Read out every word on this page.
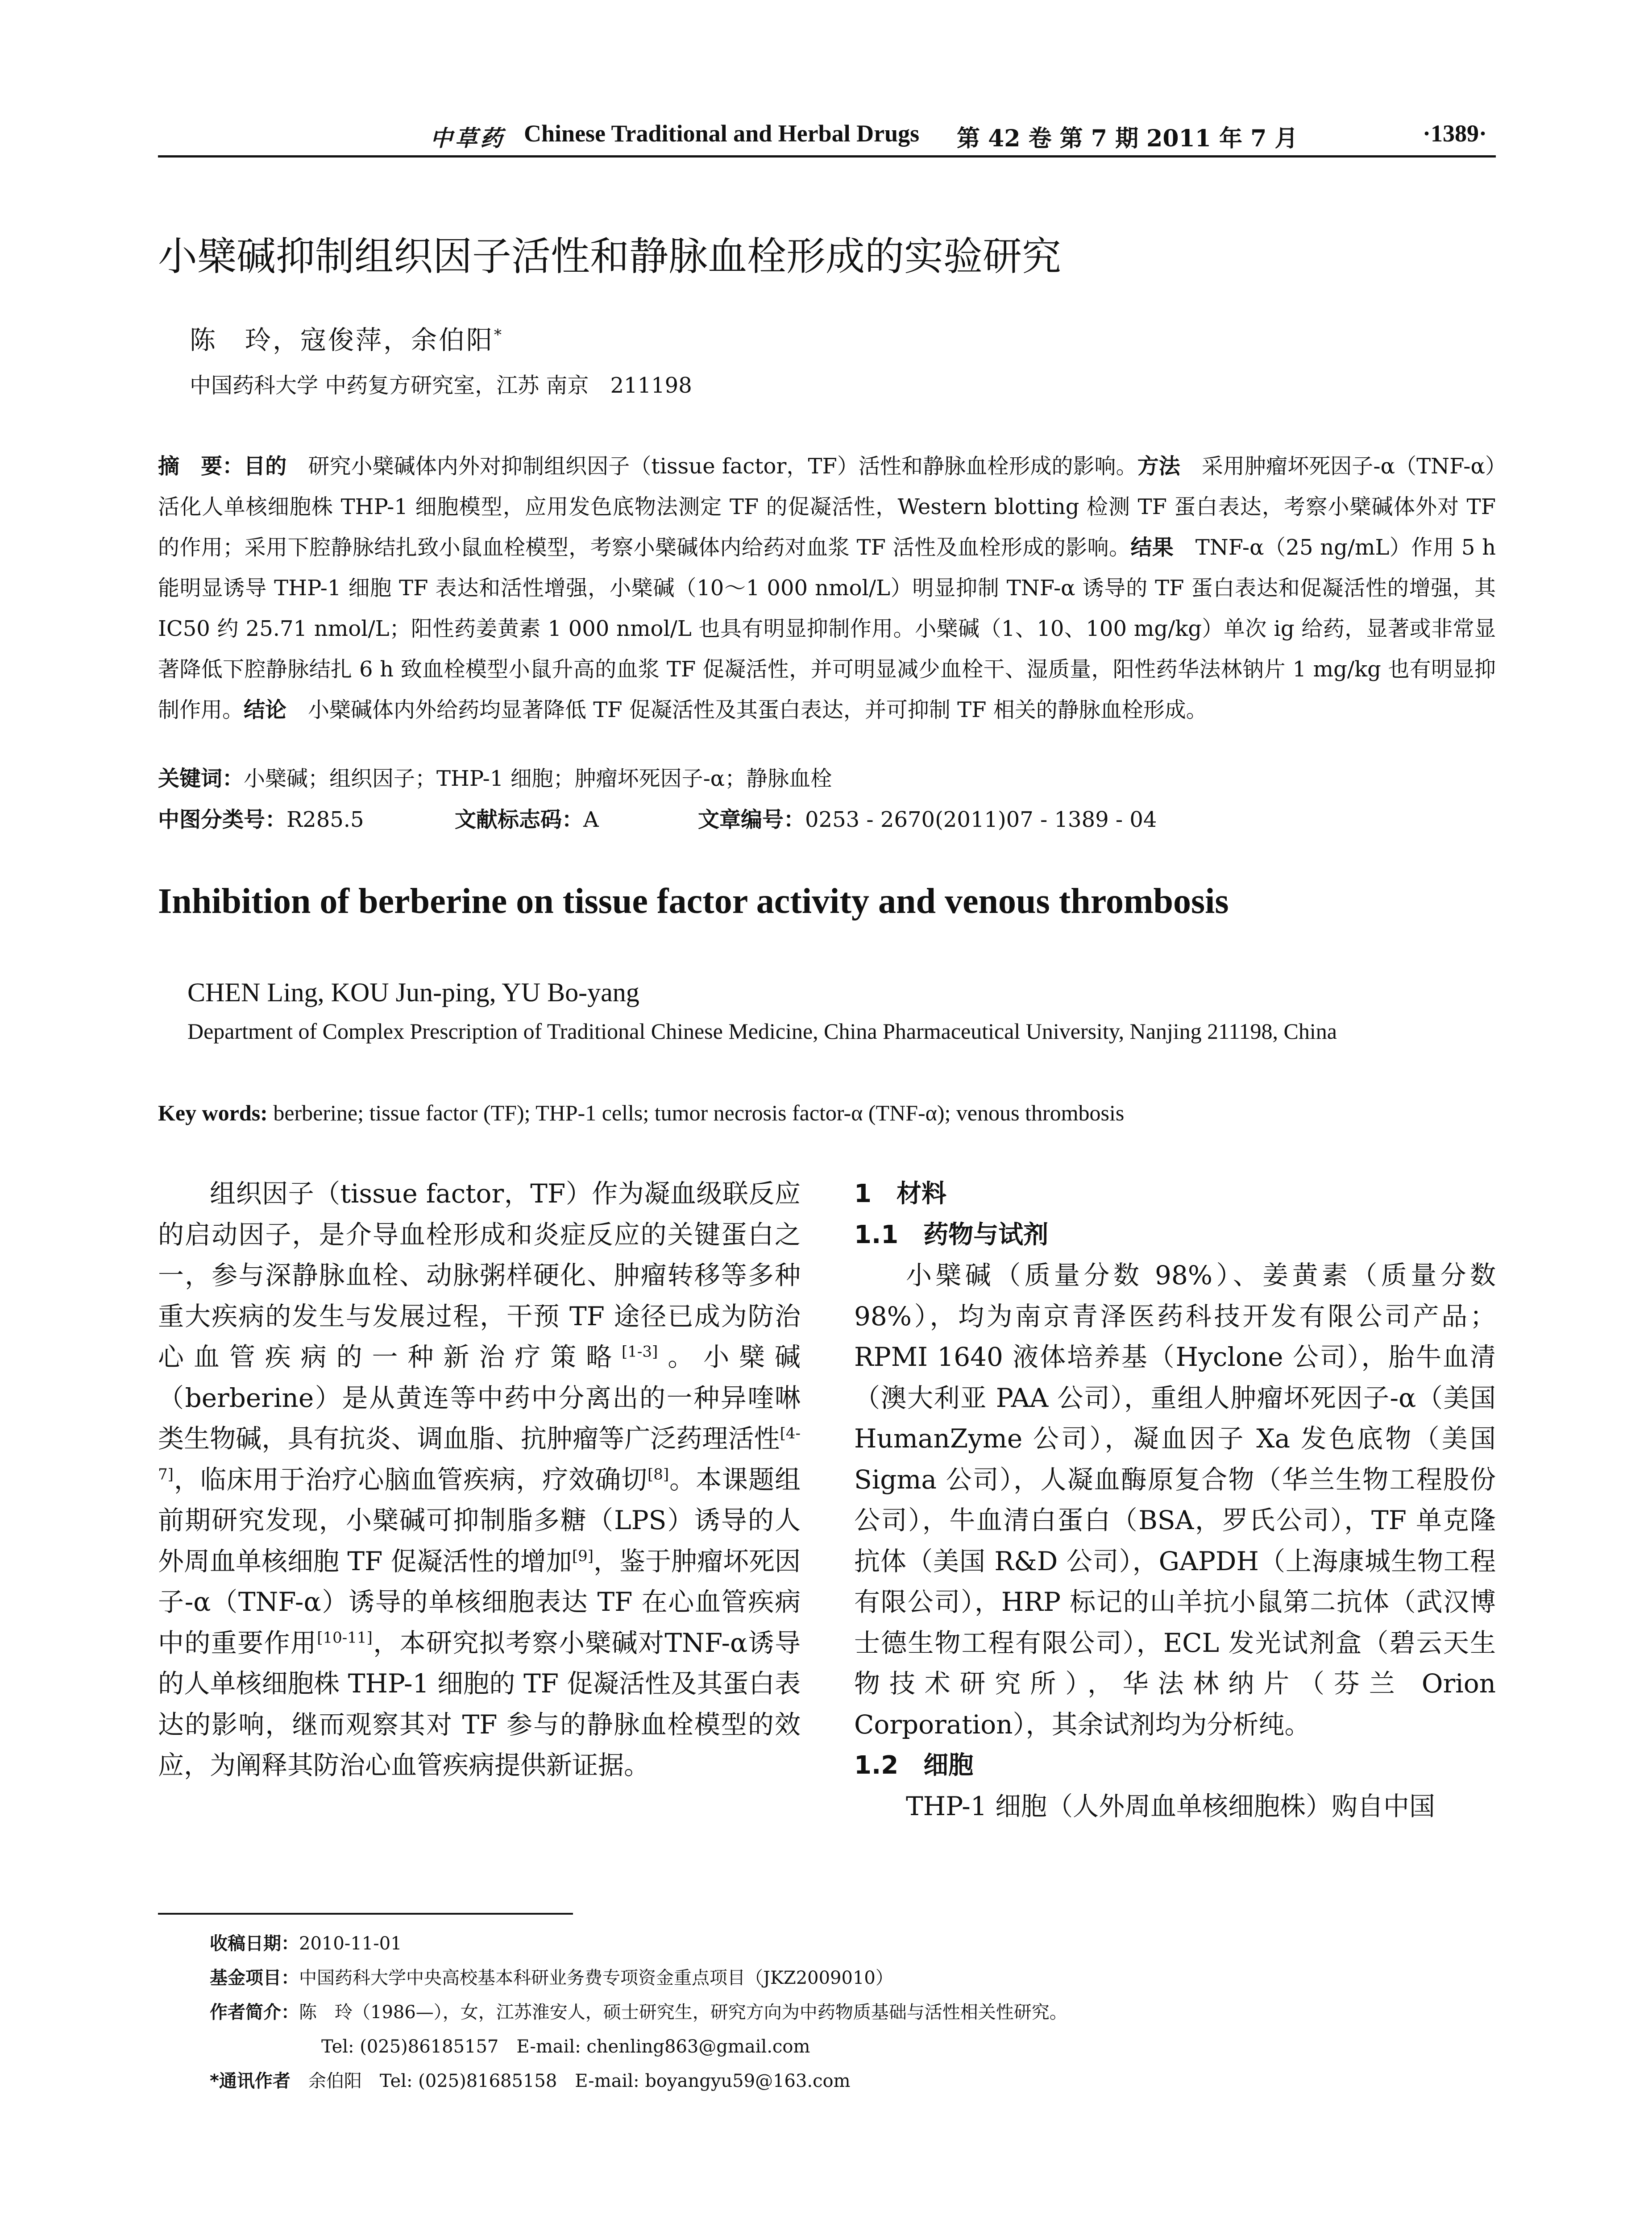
中草药 Chinese Traditional and Herbal Drugs 第 42 卷 第 7 期 2011 年 7 月	·1389·
小檗碱抑制组织因子活性和静脉血栓形成的实验研究
陈　玲，寇俊萍，余伯阳*
中国药科大学 中药复方研究室，江苏 南京　211198
摘　要：目的　研究小檗碱体内外对抑制组织因子（tissue factor，TF）活性和静脉血栓形成的影响。方法　采用肿瘤坏死因子-α（TNF-α）活化人单核细胞株 THP-1 细胞模型，应用发色底物法测定 TF 的促凝活性，Western blotting 检测 TF 蛋白表达，考察小檗碱体外对 TF 的作用；采用下腔静脉结扎致小鼠血栓模型，考察小檗碱体内给药对血浆 TF 活性及血栓形成的影响。结果　TNF-α（25 ng/mL）作用 5 h 能明显诱导 THP-1 细胞 TF 表达和活性增强，小檗碱（10～1 000 nmol/L）明显抑制 TNF-α 诱导的 TF 蛋白表达和促凝活性的增强，其 IC50 约 25.71 nmol/L；阳性药姜黄素 1 000 nmol/L 也具有明显抑制作用。小檗碱（1、10、100 mg/kg）单次 ig 给药，显著或非常显著降低下腔静脉结扎 6 h 致血栓模型小鼠升高的血浆 TF 促凝活性，并可明显减少血栓干、湿质量，阳性药华法林钠片 1 mg/kg 也有明显抑制作用。结论　小檗碱体内外给药均显著降低 TF 促凝活性及其蛋白表达，并可抑制 TF 相关的静脉血栓形成。
关键词：小檗碱；组织因子；THP-1 细胞；肿瘤坏死因子-α；静脉血栓
中图分类号：R285.5	文献标志码：A	文章编号：0253 - 2670(2011)07 - 1389 - 04
Inhibition of berberine on tissue factor activity and venous thrombosis
CHEN Ling, KOU Jun-ping, YU Bo-yang
Department of Complex Prescription of Traditional Chinese Medicine, China Pharmaceutical University, Nanjing 211198, China
Key words: berberine; tissue factor (TF); THP-1 cells; tumor necrosis factor-α (TNF-α); venous thrombosis

组织因子（tissue factor，TF）作为凝血级联反应的启动因子，是介导血栓形成和炎症反应的关键蛋白之一，参与深静脉血栓、动脉粥样硬化、肿瘤转移等多种重大疾病的发生与发展过程，干预 TF 途径已成为防治心血管疾病的一种新治疗策略[1-3]。小檗碱（berberine）是从黄连等中药中分离出的一种异喹啉类生物碱，具有抗炎、调血脂、抗肿瘤等广泛药理活性[4-7]，临床用于治疗心脑血管疾病，疗效确切[8]。本课题组前期研究发现，小檗碱可抑制脂多糖（LPS）诱导的人外周血单核细胞 TF 促凝活性的增加[9]，鉴于肿瘤坏死因子-α（TNF-α）诱导的单核细胞表达 TF 在心血管疾病中的重要作用[10-11]，本研究拟考察小檗碱对TNF-α诱导的人单核细胞株 THP-1 细胞的 TF 促凝活性及其蛋白表达的影响，继而观察其对 TF 参与的静脉血栓模型的效应，为阐释其防治心血管疾病提供新证据。

1　材料
1.1　药物与试剂

小檗碱（质量分数 98%）、姜黄素（质量分数 98%），均为南京青泽医药科技开发有限公司产品；RPMI 1640 液体培养基（Hyclone 公司），胎牛血清（澳大利亚 PAA 公司），重组人肿瘤坏死因子-α（美国 HumanZyme 公司），凝血因子 Xa 发色底物（美国 Sigma 公司），人凝血酶原复合物（华兰生物工程股份公司），牛血清白蛋白（BSA，罗氏公司），TF 单克隆抗体（美国 R&D 公司），GAPDH（上海康城生物工程有限公司），HRP 标记的山羊抗小鼠第二抗体（武汉博士德生物工程有限公司），ECL 发光试剂盒（碧云天生物技术研究所），华法林纳片（芬兰 Orion Corporation），其余试剂均为分析纯。

1.2　细胞

THP-1 细胞（人外周血单核细胞株）购自中国

收稿日期：2010-11-01
基金项目：中国药科大学中央高校基本科研业务费专项资金重点项目（JKZ2009010）
作者简介：陈　玲（1986—），女，江苏淮安人，硕士研究生，研究方向为中药物质基础与活性相关性研究。
Tel: (025)86185157　E-mail: chenling863@gmail.com
*通讯作者　余伯阳　Tel: (025)81685158　E-mail: boyangyu59@163.com
